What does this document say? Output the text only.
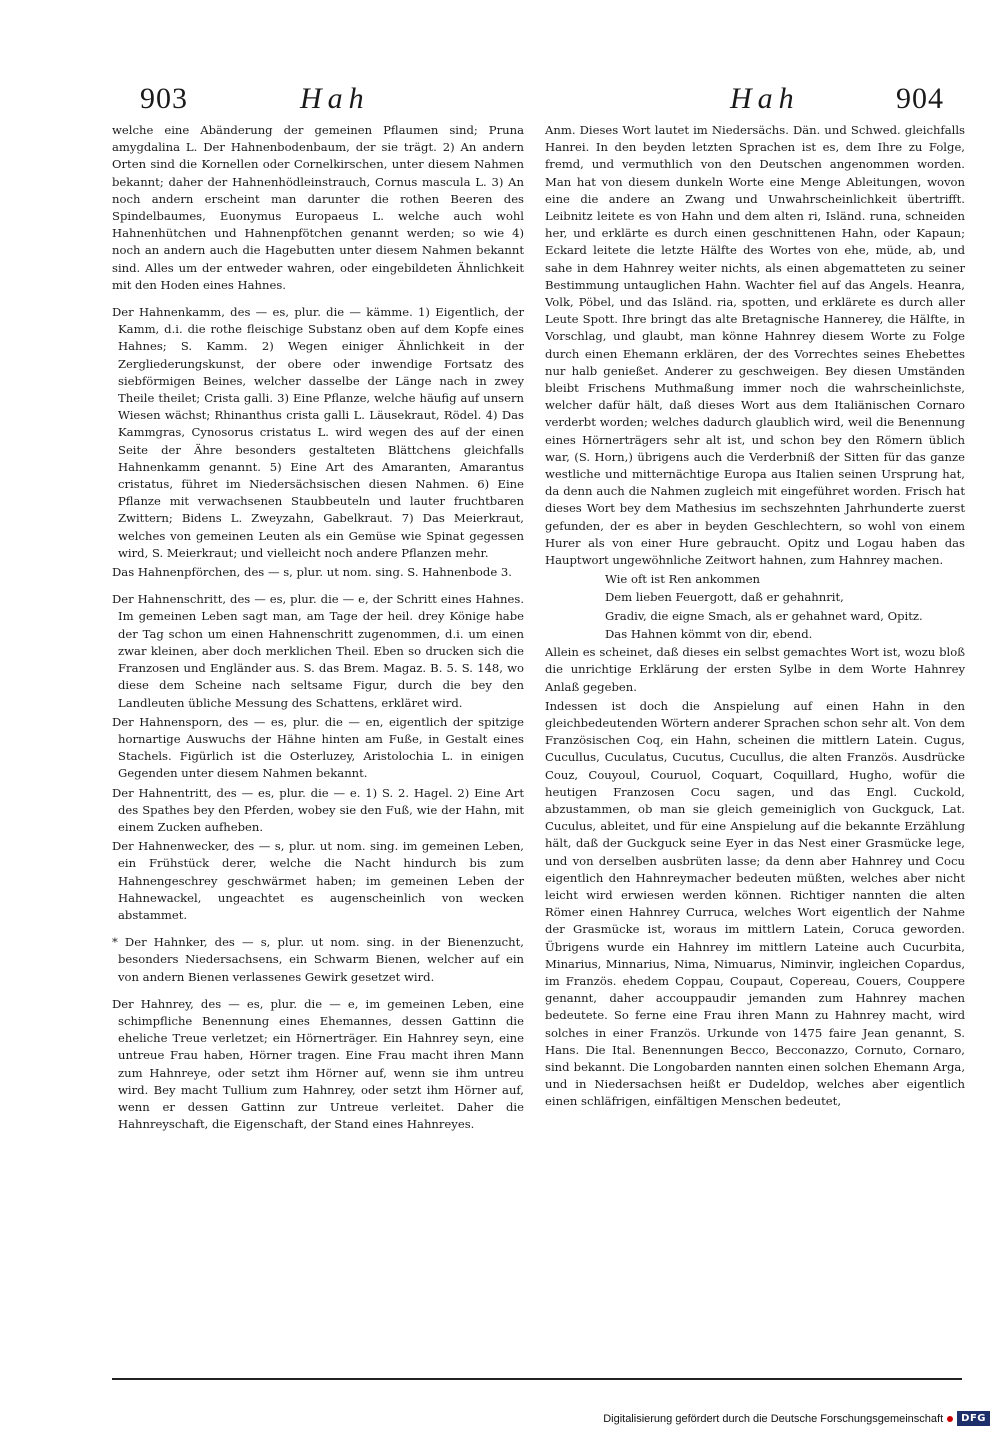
903	Hah	Hah	904

welche eine Abänderung der gemeinen Pflaumen sind; Pruna amygdalina L. Der Hahnenbodenbaum, der sie trägt. 2) An andern Orten sind die Kornellen oder Cornelkirschen, unter diesem Nahmen bekannt; daher der Hahnenhödleinstrauch, Cornus mascula L. 3) An noch andern erscheint man darunter die rothen Beeren des Spindelbaumes, Euonymus Europaeus L. welche auch wohl Hahnenhütchen und Hahnenpfötchen genannt werden; so wie 4) noch an andern auch die Hagebutten unter diesem Nahmen bekannt sind. Alles um der entweder wahren, oder eingebildeten Ähnlichkeit mit den Hoden eines Hahnes.

Der Hahnenkamm, des — es, plur. die — kämme. 1) Eigentlich, der Kamm, d.i. die rothe fleischige Substanz oben auf dem Kopfe eines Hahnes; S. Kamm. 2) Wegen einiger Ähnlichkeit in der Zergliederungskunst, der obere oder inwendige Fortsatz des siebförmigen Beines, welcher dasselbe der Länge nach in zwey Theile theilet; Crista galli. 3) Eine Pflanze, welche häufig auf unsern Wiesen wächst; Rhinanthus crista galli L. Läusekraut, Rödel. 4) Das Kammgras, Cynosorus cristatus L. wird wegen des auf der einen Seite der Ähre besonders gestalteten Blättchens gleichfalls Hahnenkamm genannt. 5) Eine Art des Amaranten, Amarantus cristatus, führet im Niedersächsischen diesen Nahmen. 6) Eine Pflanze mit verwachsenen Staubbeuteln und lauter fruchtbaren Zwittern; Bidens L. Zweyzahn, Gabelkraut. 7) Das Meierkraut, welches von gemeinen Leuten als ein Gemüse wie Spinat gegessen wird, S. Meierkraut; und vielleicht noch andere Pflanzen mehr.

Das Hahnenpförchen, des — s, plur. ut nom. sing. S. Hahnenbode 3.

Der Hahnenschritt, des — es, plur. die — e, der Schritt eines Hahnes. Im gemeinen Leben sagt man, am Tage der heil. drey Könige habe der Tag schon um einen Hahnenschritt zugenommen, d.i. um einen zwar kleinen, aber doch merklichen Theil. Eben so drucken sich die Franzosen und Engländer aus. S. das Brem. Magaz. B. 5. S. 148, wo diese dem Scheine nach seltsame Figur, durch die bey den Landleuten übliche Messung des Schattens, erkläret wird.

Der Hahnensporn, des — es, plur. die — en, eigentlich der spitzige hornartige Auswuchs der Hähne hinten am Fuße, in Gestalt eines Stachels. Figürlich ist die Osterluzey, Aristolochia L. in einigen Gegenden unter diesem Nahmen bekannt.

Der Hahnentritt, des — es, plur. die — e. 1) S. 2. Hagel. 2) Eine Art des Spathes bey den Pferden, wobey sie den Fuß, wie der Hahn, mit einem Zucken aufheben.

Der Hahnenwecker, des — s, plur. ut nom. sing. im gemeinen Leben, ein Frühstück derer, welche die Nacht hindurch bis zum Hahnengeschrey geschwärmet haben; im gemeinen Leben der Hahnewackel, ungeachtet es augenscheinlich von wecken abstammet.

* Der Hahnker, des — s, plur. ut nom. sing. in der Bienenzucht, besonders Niedersachsens, ein Schwarm Bienen, welcher auf ein von andern Bienen verlassenes Gewirk gesetzet wird.

Der Hahnrey, des — es, plur. die — e, im gemeinen Leben, eine schimpfliche Benennung eines Ehemannes, dessen Gattinn die eheliche Treue verletzet; ein Hörnerträger. Ein Hahnrey seyn, eine untreue Frau haben, Hörner tragen. Eine Frau macht ihren Mann zum Hahnreye, oder setzt ihm Hörner auf, wenn sie ihm untreu wird. Bey macht Tullium zum Hahnrey, oder setzt ihm Hörner auf, wenn er dessen Gattinn zur Untreue verleitet. Daher die Hahnreyschaft, die Eigenschaft, der Stand eines Hahnreyes.

Anm. Dieses Wort lautet im Niedersächs. Dän. und Schwed. gleichfalls Hanrei. In den beyden letzten Sprachen ist es, dem Ihre zu Folge, fremd, und vermuthlich von den Deutschen angenommen worden. Man hat von diesem dunkeln Worte eine Menge Ableitungen, wovon eine die andere an Zwang und Unwahrscheinlichkeit übertrifft. Leibnitz leitete es von Hahn und dem alten ri, Isländ. runa, schneiden her, und erklärte es durch einen geschnittenen Hahn, oder Kapaun; Eckard leitete die letzte Hälfte des Wortes von ehe, müde, ab, und sahe in dem Hahnrey weiter nichts, als einen abgematteten zu seiner Bestimmung untauglichen Hahn. Wachter fiel auf das Angels. Heanra, Volk, Pöbel, und das Isländ. ria, spotten, und erklärete es durch aller Leute Spott. Ihre bringt das alte Bretagnische Hannerey, die Hälfte, in Vorschlag, und glaubt, man könne Hahnrey diesem Worte zu Folge durch einen Ehemann erklären, der des Vorrechtes seines Ehebettes nur halb genießet. Anderer zu geschweigen. Bey diesen Umständen bleibt Frischens Muthmaßung immer noch die wahrscheinlichste, welcher dafür hält, daß dieses Wort aus dem Italiänischen Cornaro verderbt worden; welches dadurch glaublich wird, weil die Benennung eines Hörnerträgers sehr alt ist, und schon bey den Römern üblich war, (S. Horn,) übrigens auch die Verderbniß der Sitten für das ganze westliche und mitternächtige Europa aus Italien seinen Ursprung hat, da denn auch die Nahmen zugleich mit eingeführet worden. Frisch hat dieses Wort bey dem Mathesius im sechszehnten Jahrhunderte zuerst gefunden, der es aber in beyden Geschlechtern, so wohl von einem Hurer als von einer Hure gebraucht. Opitz und Logau haben das Hauptwort ungewöhnliche Zeitwort hahnen, zum Hahnrey machen.

Wie oft ist Ren ankommen

Dem lieben Feuergott, daß er gehahnrit,

Gradiv, die eigne Smach, als er gehahnet ward, Opitz.

Das Hahnen kömmt von dir, ebend.

Allein es scheinet, daß dieses ein selbst gemachtes Wort ist, wozu bloß die unrichtige Erklärung der ersten Sylbe in dem Worte Hahnrey Anlaß gegeben.

Indessen ist doch die Anspielung auf einen Hahn in den gleichbedeutenden Wörtern anderer Sprachen schon sehr alt. Von dem Französischen Coq, ein Hahn, scheinen die mittlern Latein. Cugus, Cucullus, Cuculatus, Cucutus, Cucullus, die alten Französ. Ausdrücke Couz, Couyoul, Couruol, Coquart, Coquillard, Hugho, wofür die heutigen Franzosen Cocu sagen, und das Engl. Cuckold, abzustammen, ob man sie gleich gemeiniglich von Guckguck, Lat. Cuculus, ableitet, und für eine Anspielung auf die bekannte Erzählung hält, daß der Guckguck seine Eyer in das Nest einer Grasmücke lege, und von derselben ausbrüten lasse; da denn aber Hahnrey und Cocu eigentlich den Hahnreymacher bedeuten müßten, welches aber nicht leicht wird erwiesen werden können. Richtiger nannten die alten Römer einen Hahnrey Curruca, welches Wort eigentlich der Nahme der Grasmücke ist, woraus im mittlern Latein, Coruca geworden. Übrigens wurde ein Hahnrey im mittlern Lateine auch Cucurbita, Minarius, Minnarius, Nima, Nimuarus, Niminvir, ingleichen Copardus, im Französ. ehedem Coppau, Coupaut, Copereau, Couers, Couppere genannt, daher accouppaudir jemanden zum Hahnrey machen bedeutete. So ferne eine Frau ihren Mann zu Hahnrey macht, wird solches in einer Französ. Urkunde von 1475 faire Jean genannt, S. Hans. Die Ital. Benennungen Becco, Becconazzo, Cornuto, Cornaro, sind bekannt. Die Longobarden nannten einen solchen Ehemann Arga, und in Niedersachsen heißt er Dudeldop, welches aber eigentlich einen schläfrigen, einfältigen Menschen bedeutet,

Digitalisierung gefördert durch die Deutsche Forschungsgemeinschaft	DFG
